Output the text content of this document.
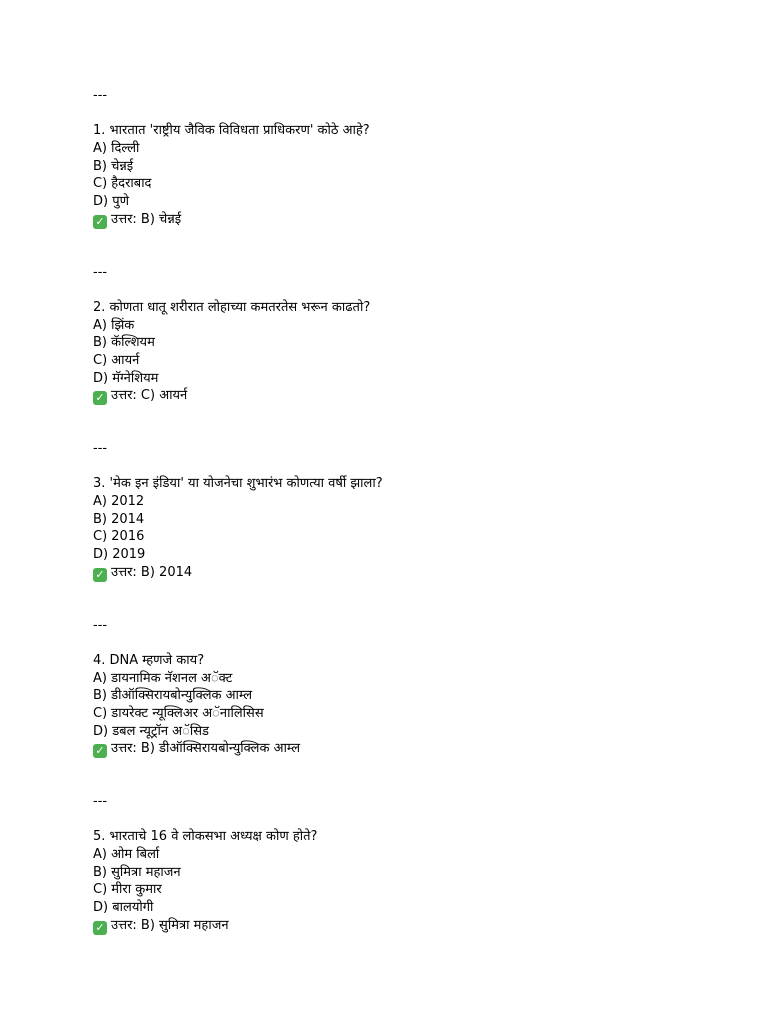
---
1. भारतात 'राष्ट्रीय जैविक विविधता प्राधिकरण' कोठे आहे?
A) दिल्ली
B) चेन्नई
C) हैदराबाद
D) पुणे
✓ उत्तर: B) चेन्नई
---
2. कोणता धातू शरीरात लोहाच्या कमतरतेस भरून काढतो?
A) झिंक
B) कॅल्शियम
C) आयर्न
D) मॅग्नेशियम
✓ उत्तर: C) आयर्न
---
3. 'मेक इन इंडिया' या योजनेचा शुभारंभ कोणत्या वर्षी झाला?
A) 2012
B) 2014
C) 2016
D) 2019
✓ उत्तर: B) 2014
---
4. DNA म्हणजे काय?
A) डायनामिक नॅशनल अॅक्ट
B) डीऑक्सिरायबोन्युक्लिक आम्ल
C) डायरेक्ट न्यूक्लिअर अॅनालिसिस
D) डबल न्यूट्रॉन अॅसिड
✓ उत्तर: B) डीऑक्सिरायबोन्युक्लिक आम्ल
---
5. भारताचे 16 वे लोकसभा अध्यक्ष कोण होते?
A) ओम बिर्ला
B) सुमित्रा महाजन
C) मीरा कुमार
D) बालयोगी
✓ उत्तर: B) सुमित्रा महाजन
